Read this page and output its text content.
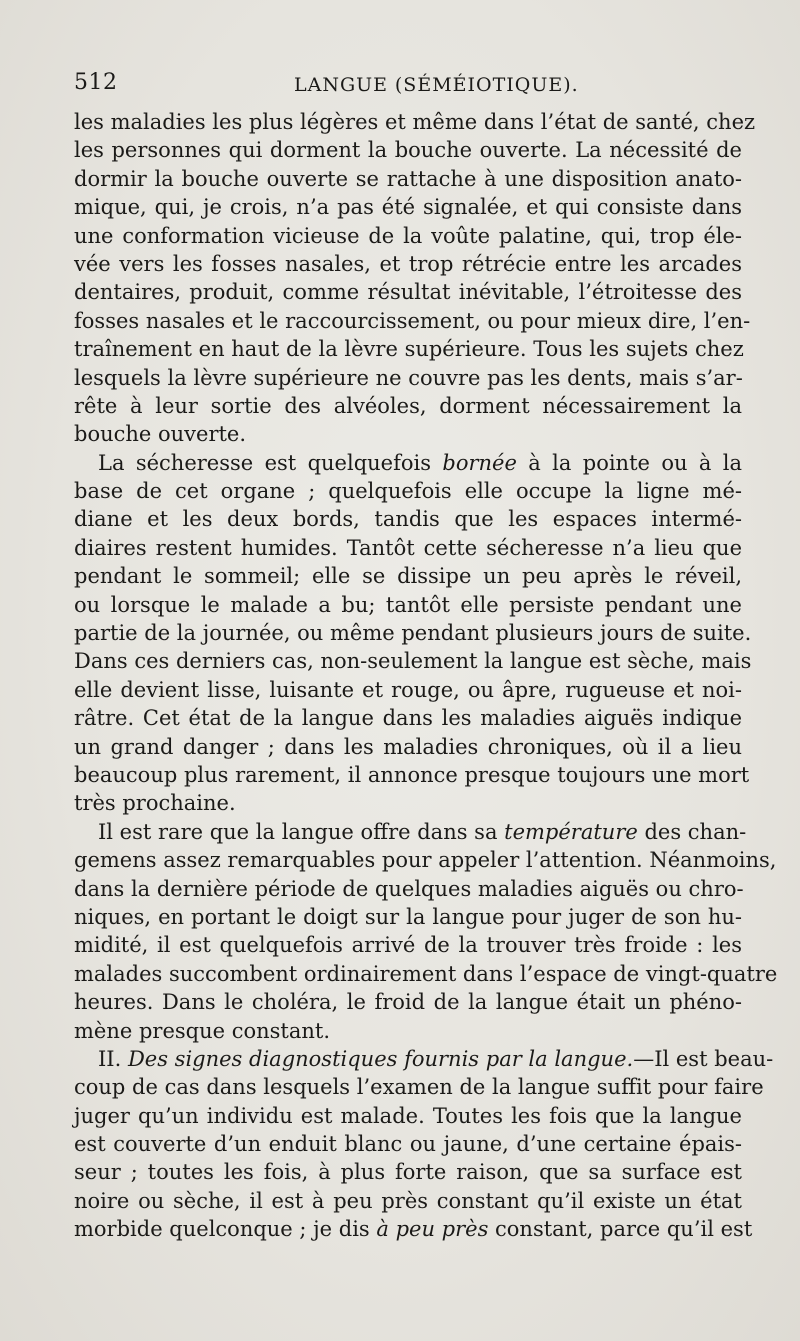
512	LANGUE (SÉMÉIOTIQUE).
les maladies les plus légères et même dans l’état de santé, chez
les personnes qui dorment la bouche ouverte. La nécessité de
dormir la bouche ouverte se rattache à une disposition anato-
mique, qui, je crois, n’a pas été signalée, et qui consiste dans
une conformation vicieuse de la voûte palatine, qui, trop éle-
vée vers les fosses nasales, et trop rétrécie entre les arcades
dentaires, produit, comme résultat inévitable, l’étroitesse des
fosses nasales et le raccourcissement, ou pour mieux dire, l’en-
traînement en haut de la lèvre supérieure. Tous les sujets chez
lesquels la lèvre supérieure ne couvre pas les dents, mais s’ar-
rête à leur sortie des alvéoles, dorment nécessairement la
bouche ouverte.
La sécheresse est quelquefois bornée à la pointe ou à la
base de cet organe ; quelquefois elle occupe la ligne mé-
diane et les deux bords, tandis que les espaces intermé-
diaires restent humides. Tantôt cette sécheresse n’a lieu que
pendant le sommeil; elle se dissipe un peu après le réveil,
ou lorsque le malade a bu; tantôt elle persiste pendant une
partie de la journée, ou même pendant plusieurs jours de suite.
Dans ces derniers cas, non-seulement la langue est sèche, mais
elle devient lisse, luisante et rouge, ou âpre, rugueuse et noi-
râtre. Cet état de la langue dans les maladies aiguës indique
un grand danger ; dans les maladies chroniques, où il a lieu
beaucoup plus rarement, il annonce presque toujours une mort
très prochaine.
Il est rare que la langue offre dans sa température des chan-
gemens assez remarquables pour appeler l’attention. Néanmoins,
dans la dernière période de quelques maladies aiguës ou chro-
niques, en portant le doigt sur la langue pour juger de son hu-
midité, il est quelquefois arrivé de la trouver très froide : les
malades succombent ordinairement dans l’espace de vingt-quatre
heures. Dans le choléra, le froid de la langue était un phéno-
mène presque constant.
II. Des signes diagnostiques fournis par la langue.—Il est beau-
coup de cas dans lesquels l’examen de la langue suffit pour faire
juger qu’un individu est malade. Toutes les fois que la langue
est couverte d’un enduit blanc ou jaune, d’une certaine épais-
seur ; toutes les fois, à plus forte raison, que sa surface est
noire ou sèche, il est à peu près constant qu’il existe un état
morbide quelconque ; je dis à peu près constant, parce qu’il est
